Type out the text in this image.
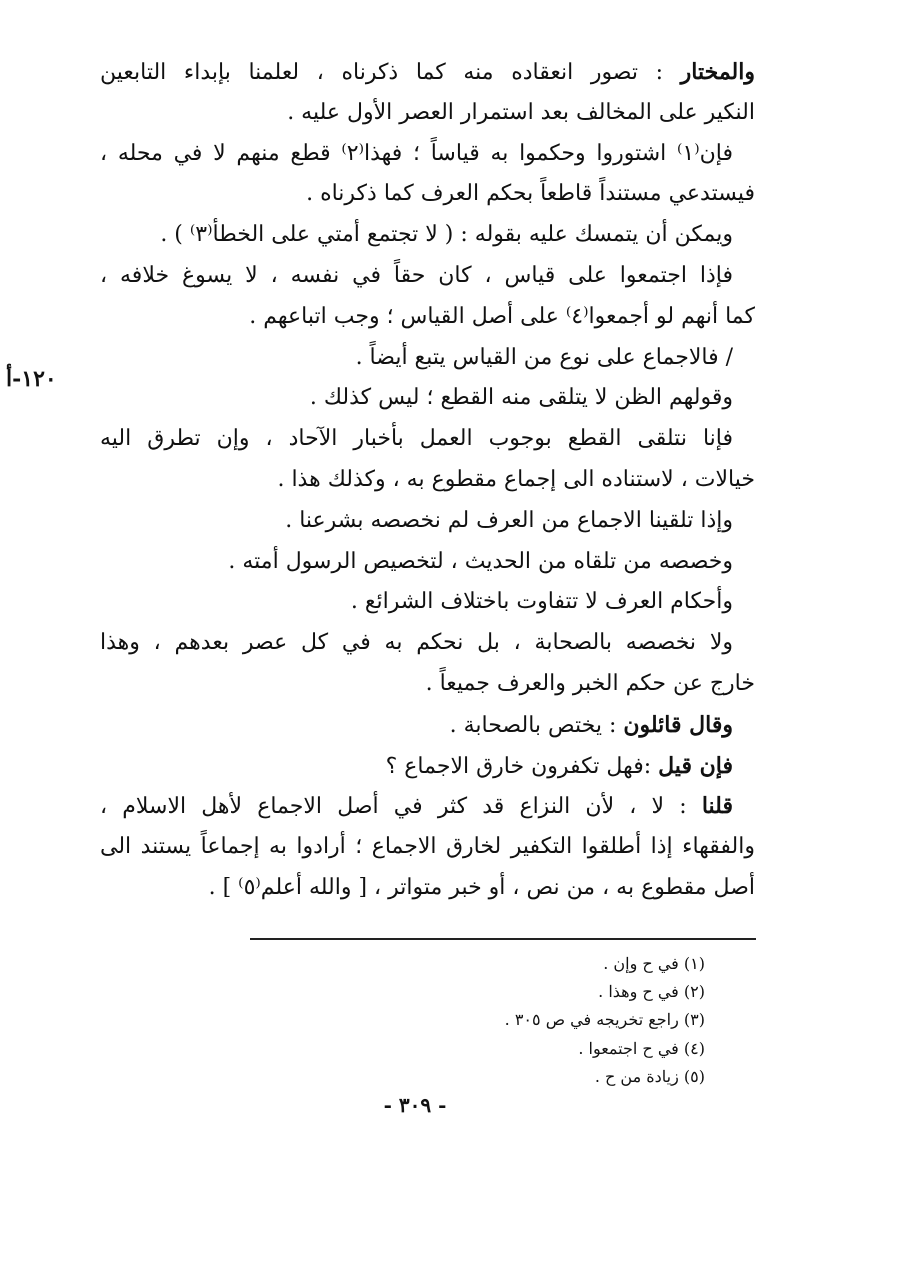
والمختار : تصور انعقاده منه كما ذكرناه ، لعلمنا بإبداء التابعين
النكير على المخالف بعد استمرار العصر الأول عليه .
فإن⁽١⁾ اشتوروا وحكموا به قياساً ؛ فهذا⁽٢⁾ قطع منهم لا في محله ،
فيستدعي مستنداً قاطعاً بحكم العرف كما ذكرناه .
ويمكن أن يتمسك عليه بقوله : ( لا تجتمع أمتي على الخطأ⁽٣⁾ ) .
فإذا اجتمعوا على قياس ، كان حقاً في نفسه ، لا يسوغ خلافه ،
كما أنهم لو أجمعوا⁽٤⁾ على أصل القياس ؛ وجب اتباعهم .
/ فالاجماع على نوع من القياس يتبع أيضاً .
وقولهم الظن لا يتلقى منه القطع ؛ ليس كذلك .
فإنا نتلقى القطع بوجوب العمل بأخبار الآحاد ، وإن تطرق اليه
خيالات ، لاستناده الى إجماع مقطوع به ، وكذلك هذا .
وإذا تلقينا الاجماع من العرف لم نخصصه بشرعنا .
وخصصه من تلقاه من الحديث ، لتخصيص الرسول أمته .
وأحكام العرف لا تتفاوت باختلاف الشرائع .
ولا نخصصه بالصحابة ، بل نحكم به في كل عصر بعدهم ، وهذا
خارج عن حكم الخبر والعرف جميعاً .
وقال قائلون : يختص بالصحابة .
فإن قيل :فهل تكفرون خارق الاجماع ؟
قلنا : لا ، لأن النزاع قد كثر في أصل الاجماع لأهل الاسلام ،
والفقهاء إذا أطلقوا التكفير لخارق الاجماع ؛ أرادوا به إجماعاً يستند الى
أصل مقطوع به ، من نص ، أو خبر متواتر ، [ والله أعلم⁽٥⁾ ] .
١٢٠-أ
(١) في ح وإن .
(٢) في ح وهذا .
(٣) راجع تخريجه في ص ٣٠٥ .
(٤) في ح اجتمعوا .
(٥) زيادة من ح .
- ٣٠٩ -
